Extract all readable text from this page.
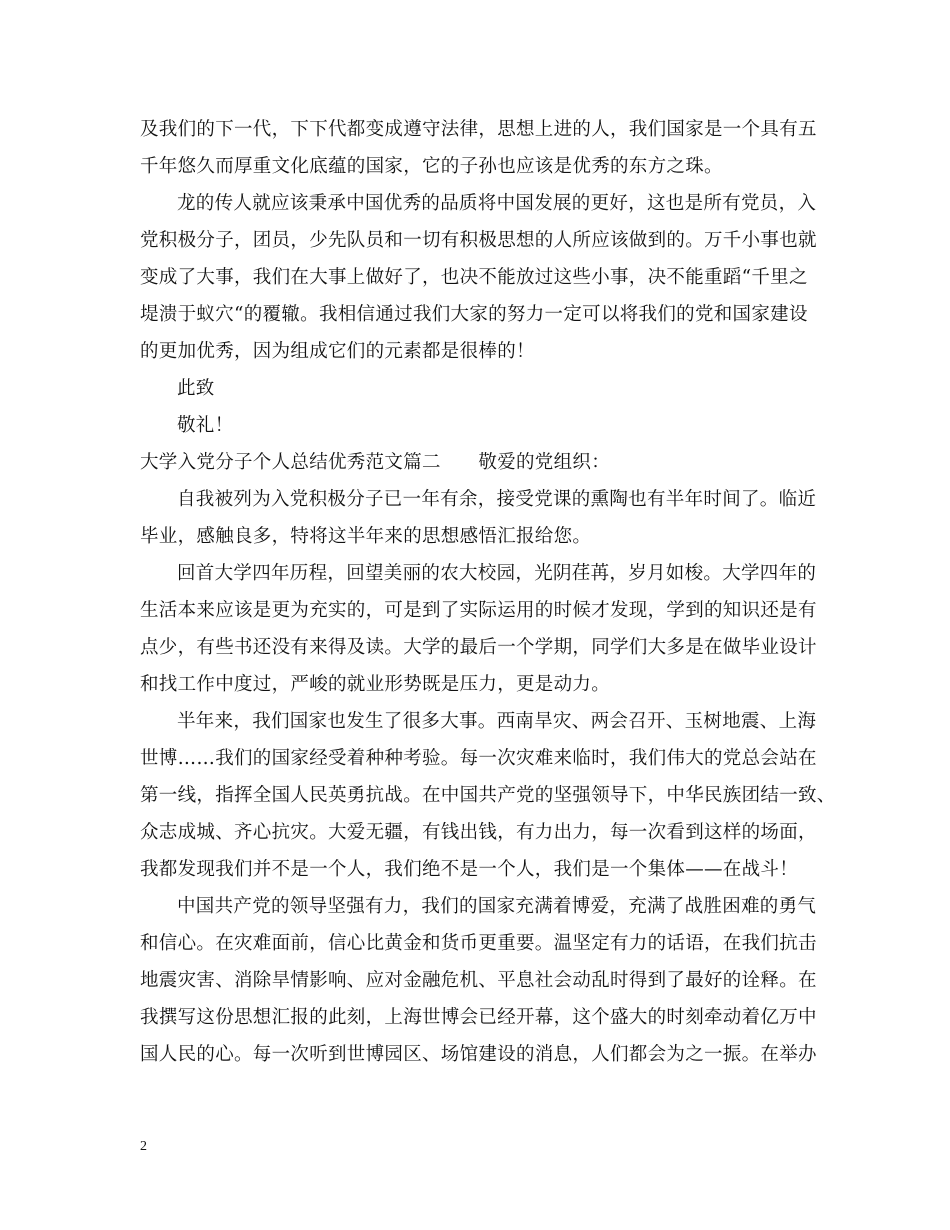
及我们的下一代，下下代都变成遵守法律，思想上进的人，我们国家是一个具有五
千年悠久而厚重文化底蕴的国家，它的子孙也应该是优秀的东方之珠。
龙的传人就应该秉承中国优秀的品质将中国发展的更好，这也是所有党员，入
党积极分子，团员，少先队员和一切有积极思想的人所应该做到的。万千小事也就
变成了大事，我们在大事上做好了，也决不能放过这些小事，决不能重蹈“千里之
堤溃于蚁穴“的覆辙。我相信通过我们大家的努力一定可以将我们的党和国家建设
的更加优秀，因为组成它们的元素都是很棒的！
此致
敬礼！
大学入党分子个人总结优秀范文篇二　　敬爱的党组织：
自我被列为入党积极分子已一年有余，接受党课的熏陶也有半年时间了。临近
毕业，感触良多，特将这半年来的思想感悟汇报给您。
回首大学四年历程，回望美丽的农大校园，光阴荏苒，岁月如梭。大学四年的
生活本来应该是更为充实的，可是到了实际运用的时候才发现，学到的知识还是有
点少，有些书还没有来得及读。大学的最后一个学期，同学们大多是在做毕业设计
和找工作中度过，严峻的就业形势既是压力，更是动力。
半年来，我们国家也发生了很多大事。西南旱灾、两会召开、玉树地震、上海
世博……我们的国家经受着种种考验。每一次灾难来临时，我们伟大的党总会站在
第一线，指挥全国人民英勇抗战。在中国共产党的坚强领导下，中华民族团结一致、
众志成城、齐心抗灾。大爱无疆，有钱出钱，有力出力，每一次看到这样的场面，
我都发现我们并不是一个人，我们绝不是一个人，我们是一个集体——在战斗！
中国共产党的领导坚强有力，我们的国家充满着博爱，充满了战胜困难的勇气
和信心。在灾难面前，信心比黄金和货币更重要。温坚定有力的话语，在我们抗击
地震灾害、消除旱情影响、应对金融危机、平息社会动乱时得到了最好的诠释。在
我撰写这份思想汇报的此刻，上海世博会已经开幕，这个盛大的时刻牵动着亿万中
国人民的心。每一次听到世博园区、场馆建设的消息，人们都会为之一振。在举办
2
